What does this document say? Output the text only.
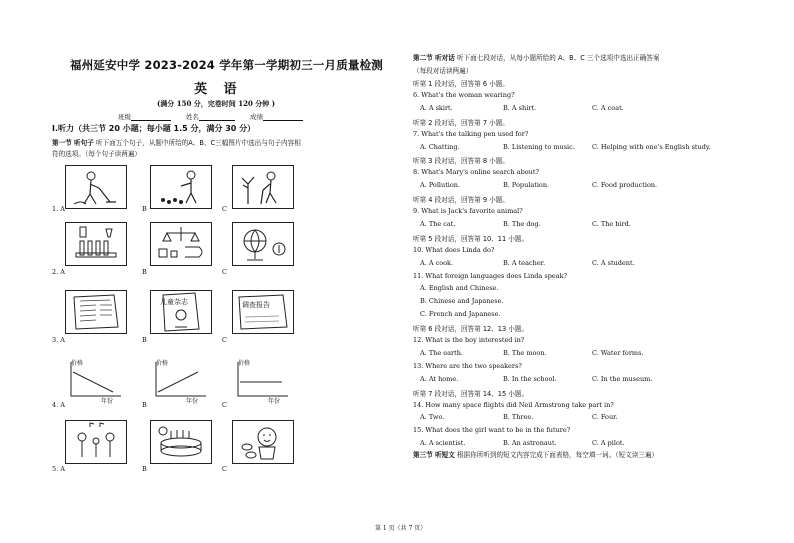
福州延安中学 2023-2024 学年第一学期初三一月质量检测
英 语
(满分 150 分，完卷时间 120 分钟 )
班级	姓名	成绩
Ⅰ.听力（共三节 20 小题；每小题 1.5 分，满分 30 分）
第一节 听句子 听下面五个句子，从题中所给的A、B、C三幅图片中选出与句子内容相
符的选项。（每个句子读两遍）
1. A	B	C
2. A	B	C
儿童杂志	调查报告
3. A	B	C
价格
年份
价格
年份
价格
年份
4. A	B	C
5. A	B	C
第二节 听对话 听下面七段对话，从每小题所给的 A、B、C 三个选项中选出正确答案
（每段对话读两遍）
听第 1 段对话，回答第 6 小题。
6. What's the woman wearing?
A. A skirt.	B. A shirt.	C. A coat.
听第 2 段对话，回答第 7 小题。
7. What's the talking pen used for?
A. Chatting.	B. Listening to music.	C. Helping with one's English study.
听第 3 段对话，回答第 8 小题。
8. What's Mary's online search about?
A. Pollution.	B. Population.	C. Food production.
听第 4 段对话，回答第 9 小题。
9. What is Jack's favorite animal?
A. The cat.	B. The dog.	C. The bird.
听第 5 段对话，回答第 10、11 小题。
10. What does Linda do?
A. A cook.	B. A teacher.	C. A student.
11. What foreign languages does Linda speak?
A. English and Chinese.
B. Chinese and Japanese.
C. French and Japanese.
听第 6 段对话，回答第 12、13 小题。
12. What is the boy interested in?
A. The earth.	B. The moon.	C. Water forms.
13. Where are the two speakers?
A. At home.	B. In the school.	C. In the museum.
听第 7 段对话，回答第 14、15 小题。
14. How many space flights did Neil Armstrong take part in?
A. Two.	B. Three.	C. Four.
15. What does the girl want to be in the future?
A. A scientist.	B. An astronaut.	C. A pilot.
第三节 听短文 根据你所听到的短文内容完成下面表格，每空填一词。（短文读三遍）
第 1 页（共 7 页）
